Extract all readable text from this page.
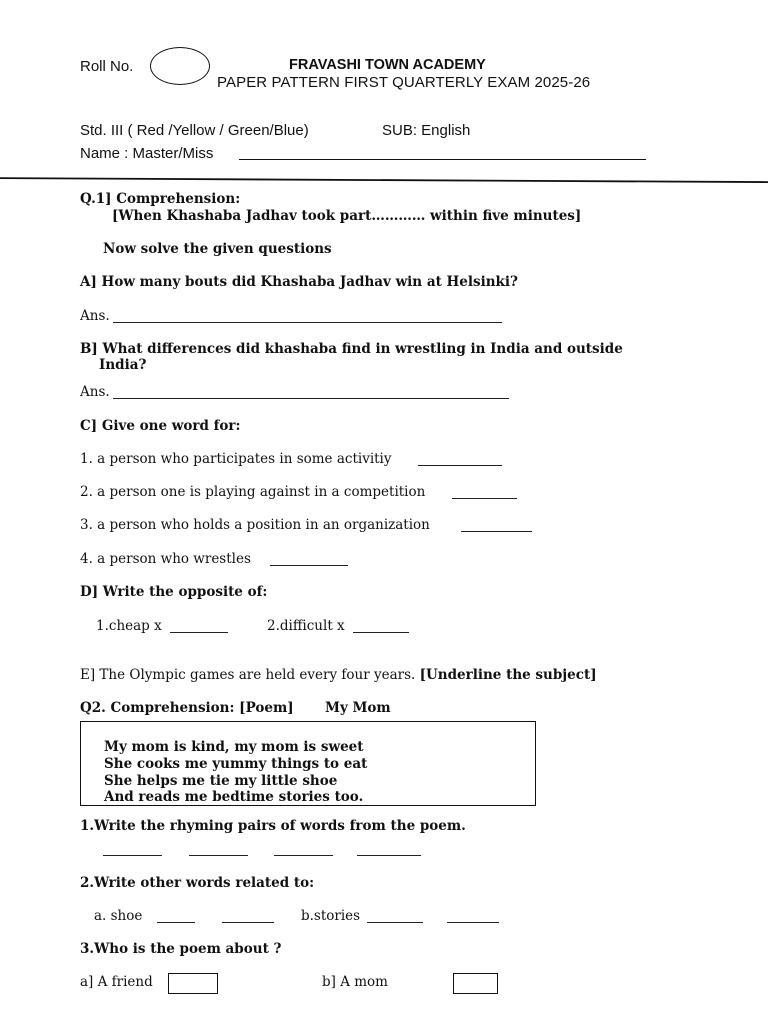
Roll No.	FRAVASHI TOWN ACADEMY
PAPER PATTERN FIRST QUARTERLY EXAM 2025-26
Std. III ( Red /Yellow / Green/Blue)	SUB: English
Name : Master/Miss
Q.1] Comprehension:
[When Khashaba Jadhav took part………… within five minutes]
Now solve the given questions
A] How many bouts did Khashaba Jadhav win at Helsinki?
Ans.
B] What differences did khashaba find in wrestling in India and outside
India?
Ans.
C] Give one word for:
1. a person who participates in some activitiy
2. a person one is playing against in a competition
3. a person who holds a position in an organization
4. a person who wrestles
D] Write the opposite of:
1.cheap x	2.difficult x
E] The Olympic games are held every four years. [Underline the subject]
Q2. Comprehension: [Poem] My Mom
My mom is kind, my mom is sweet
She cooks me yummy things to eat
She helps me tie my little shoe
And reads me bedtime stories too.
1.Write the rhyming pairs of words from the poem.
2.Write other words related to:
a. shoe	b.stories
3.Who is the poem about ?
a] A friend	b] A mom
